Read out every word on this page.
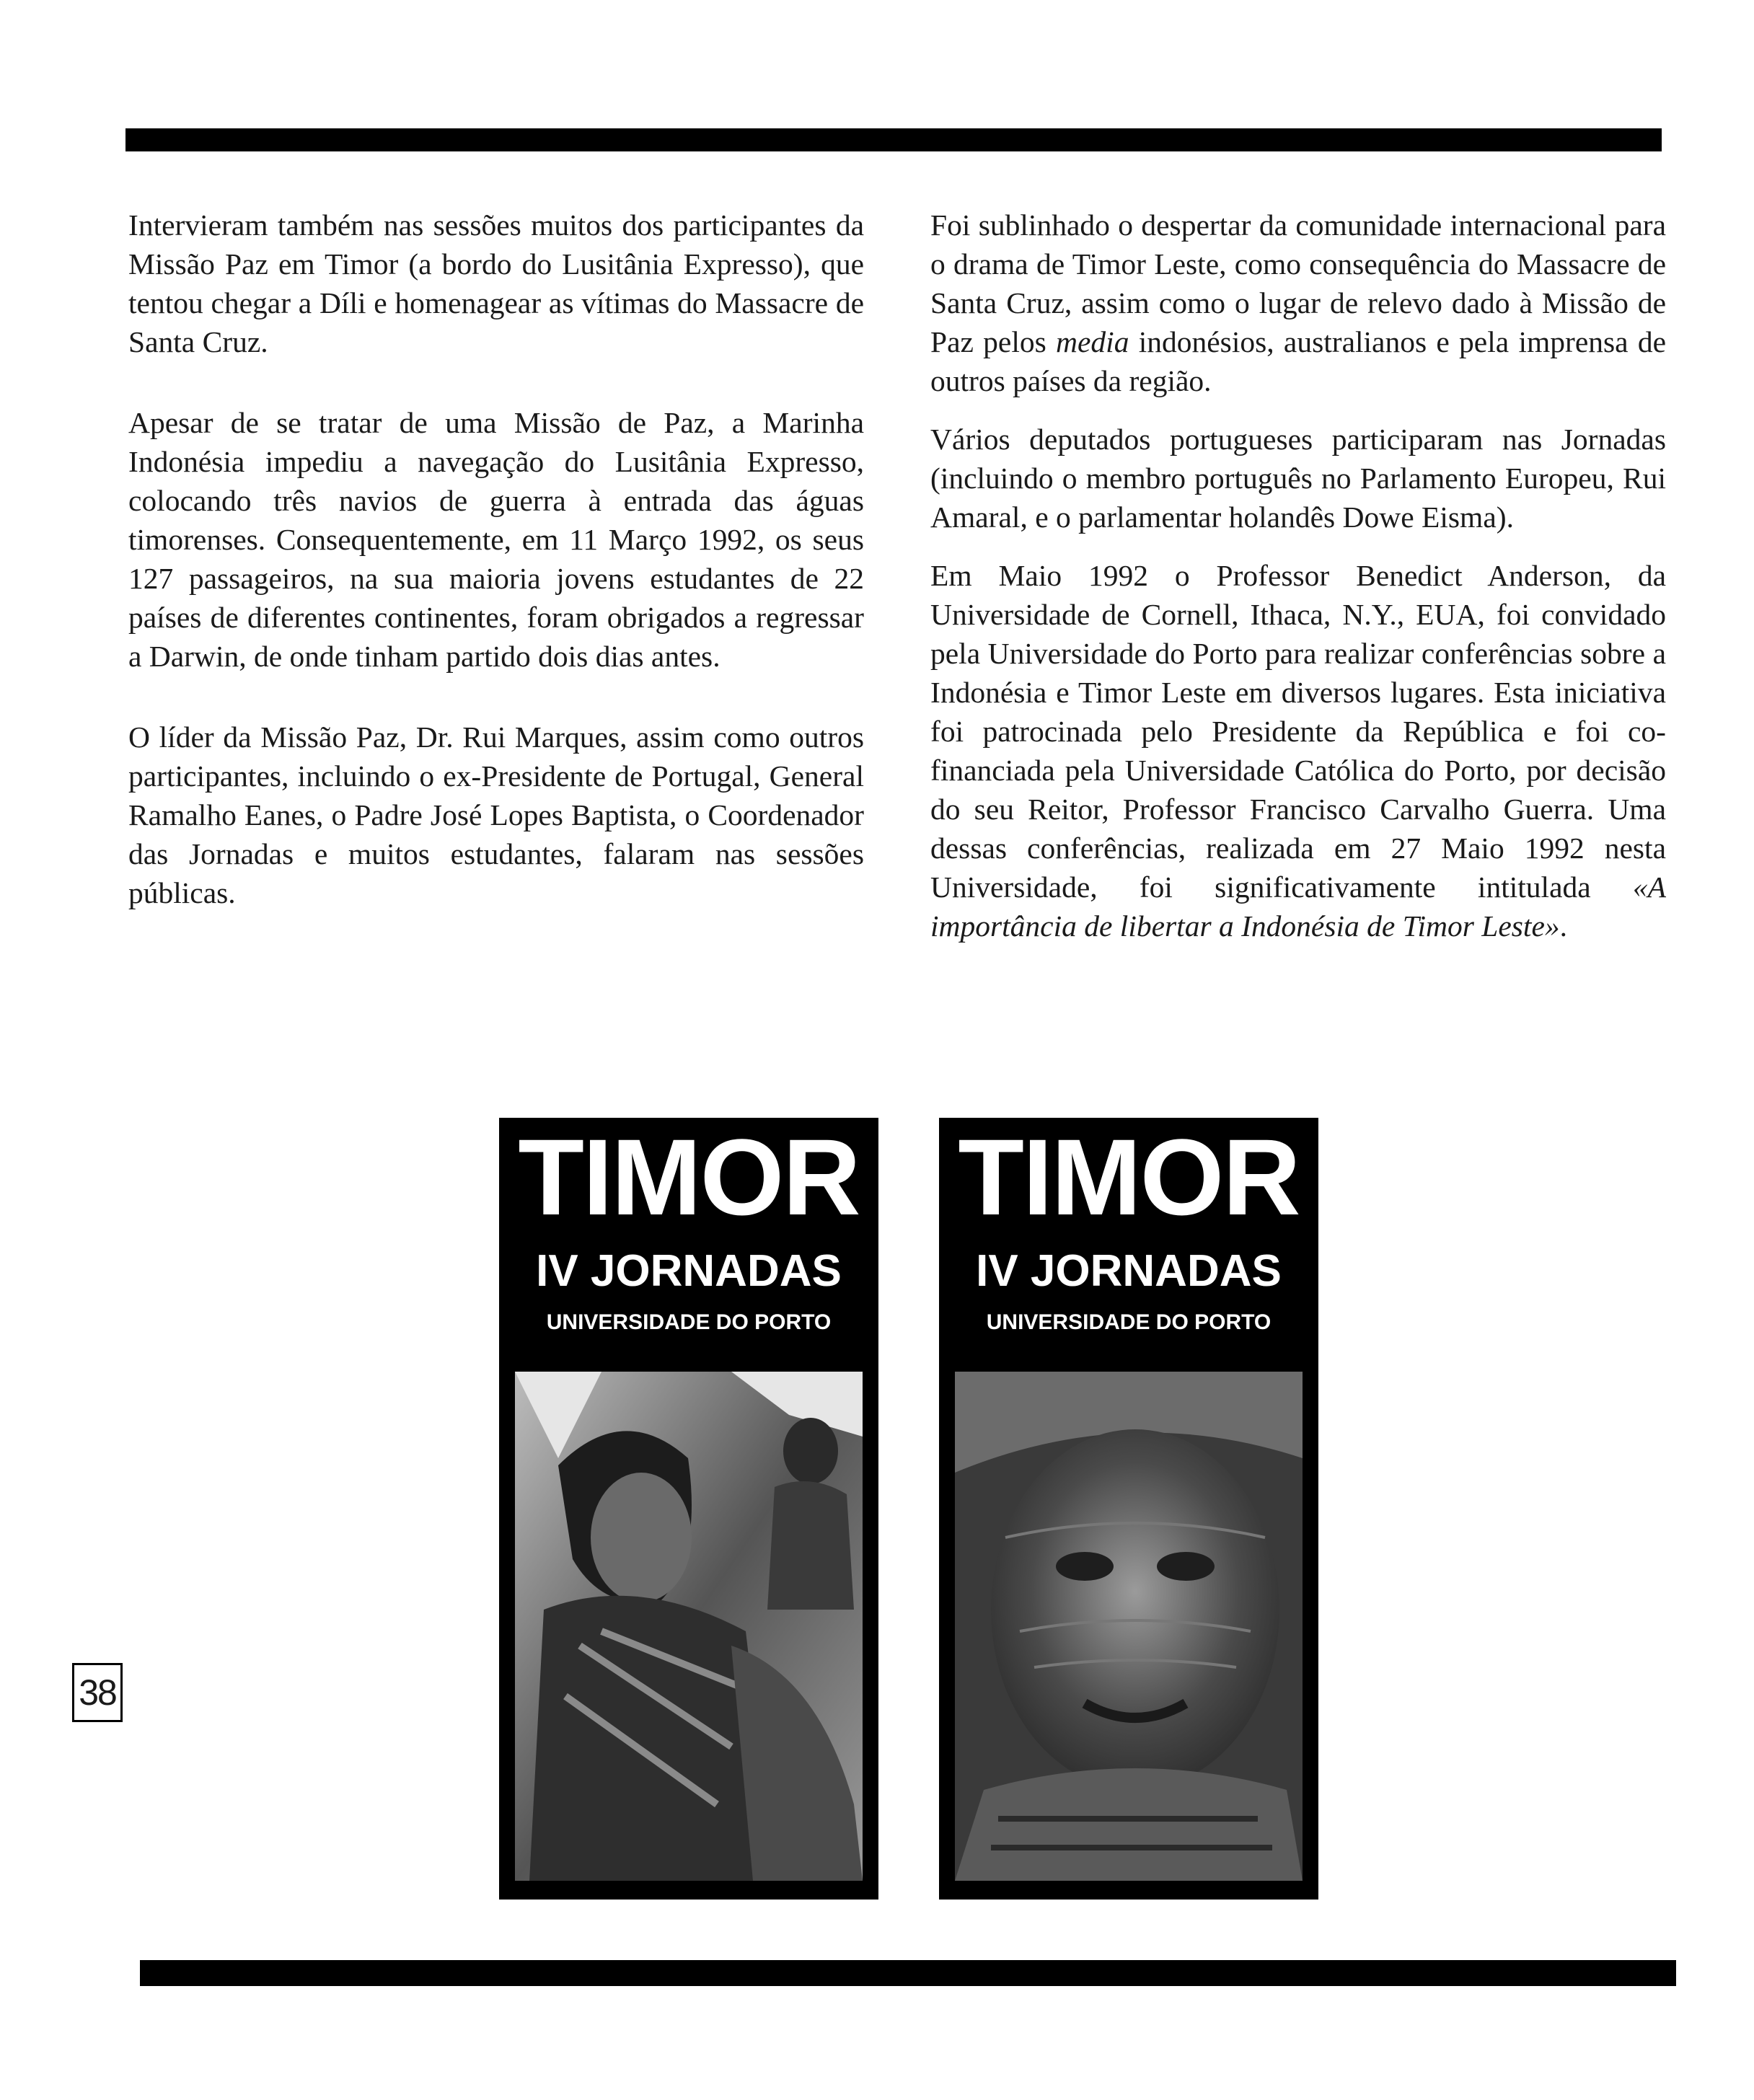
Intervieram também nas sessões muitos dos participantes da Missão Paz em Timor (a bordo do Lusitânia Expresso), que tentou chegar a Díli e homenagear as vítimas do Massacre de Santa Cruz.

Apesar de se tratar de uma Missão de Paz, a Marinha Indonésia impediu a navegação do Lusitânia Expresso, colocando três navios de guerra à entrada das águas timorenses. Consequentemente, em 11 Março 1992, os seus 127 passageiros, na sua maioria jovens estudantes de 22 países de diferentes continentes, foram obrigados a regressar a Darwin, de onde tinham partido dois dias antes.

O líder da Missão Paz, Dr. Rui Marques, assim como outros participantes, incluindo o ex-Presidente de Portugal, General Ramalho Eanes, o Padre José Lopes Baptista, o Coordenador das Jornadas e muitos estudantes, falaram nas sessões públicas.

Foi sublinhado o despertar da comunidade internacional para o drama de Timor Leste, como consequência do Massacre de Santa Cruz, assim como o lugar de relevo dado à Missão de Paz pelos media indonésios, australianos e pela imprensa de outros países da região.

Vários deputados portugueses participaram nas Jornadas (incluindo o membro português no Parlamento Europeu, Rui Amaral, e o parlamentar holandês Dowe Eisma).

Em Maio 1992 o Professor Benedict Anderson, da Universidade de Cornell, Ithaca, N.Y., EUA, foi convidado pela Universidade do Porto para realizar conferências sobre a Indonésia e Timor Leste em diversos lugares. Esta iniciativa foi patrocinada pelo Presidente da República e foi co-financiada pela Universidade Católica do Porto, por decisão do seu Reitor, Professor Francisco Carvalho Guerra. Uma dessas conferências, realizada em 27 Maio 1992 nesta Universidade, foi significativamente intitulada «A importância de libertar a Indonésia de Timor Leste».

TIMOR
IV JORNADAS
UNIVERSIDADE DO PORTO
TIMOR
IV JORNADAS
UNIVERSIDADE DO PORTO
38
